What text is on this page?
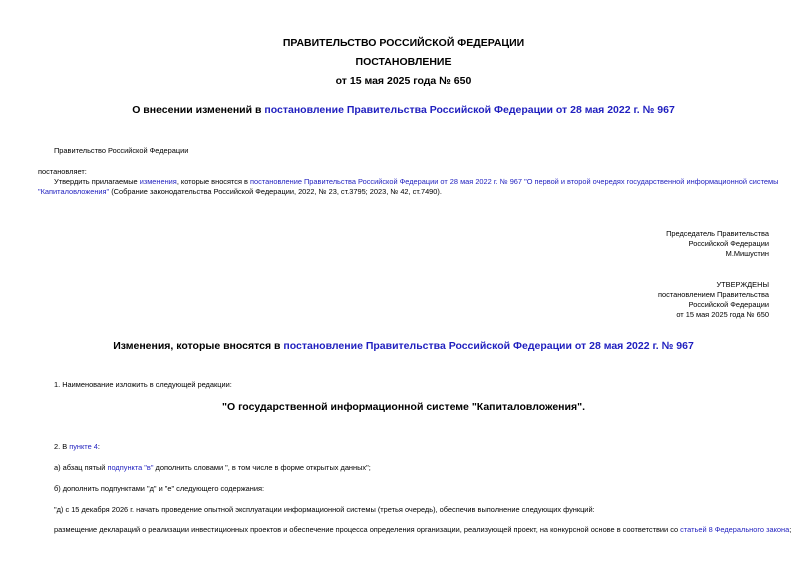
ПРАВИТЕЛЬСТВО РОССИЙСКОЙ ФЕДЕРАЦИИ
ПОСТАНОВЛЕНИЕ
от 15 мая 2025 года № 650
О внесении изменений в постановление Правительства Российской Федерации от 28 мая 2022 г. № 967
Правительство Российской Федерации
постановляет:
Утвердить прилагаемые изменения, которые вносятся в постановление Правительства Российской Федерации от 28 мая 2022 г. № 967 "О первой и второй очередях государственной информационной системы
"Капиталовложения" (Собрание законодательства Российской Федерации, 2022, № 23, ст.3795; 2023, № 42, ст.7490).
Председатель Правительства
Российской Федерации
М.Мишустин
УТВЕРЖДЕНЫ
постановлением Правительства
Российской Федерации
от 15 мая 2025 года № 650
Изменения, которые вносятся в постановление Правительства Российской Федерации от 28 мая 2022 г. № 967
1. Наименование изложить в следующей редакции:
"О государственной информационной системе "Капиталовложения".
2. В пункте 4:
а) абзац пятый подпункта "в" дополнить словами ", в том числе в форме открытых данных";
б) дополнить подпунктами "д" и "е" следующего содержания:
"д) с 15 декабря 2026 г. начать проведение опытной эксплуатации информационной системы (третья очередь), обеспечив выполнение следующих функций:
размещение деклараций о реализации инвестиционных проектов и обеспечение процесса определения организации, реализующей проект, на конкурсной основе в соответствии со статьей 8 Федерального закона;
